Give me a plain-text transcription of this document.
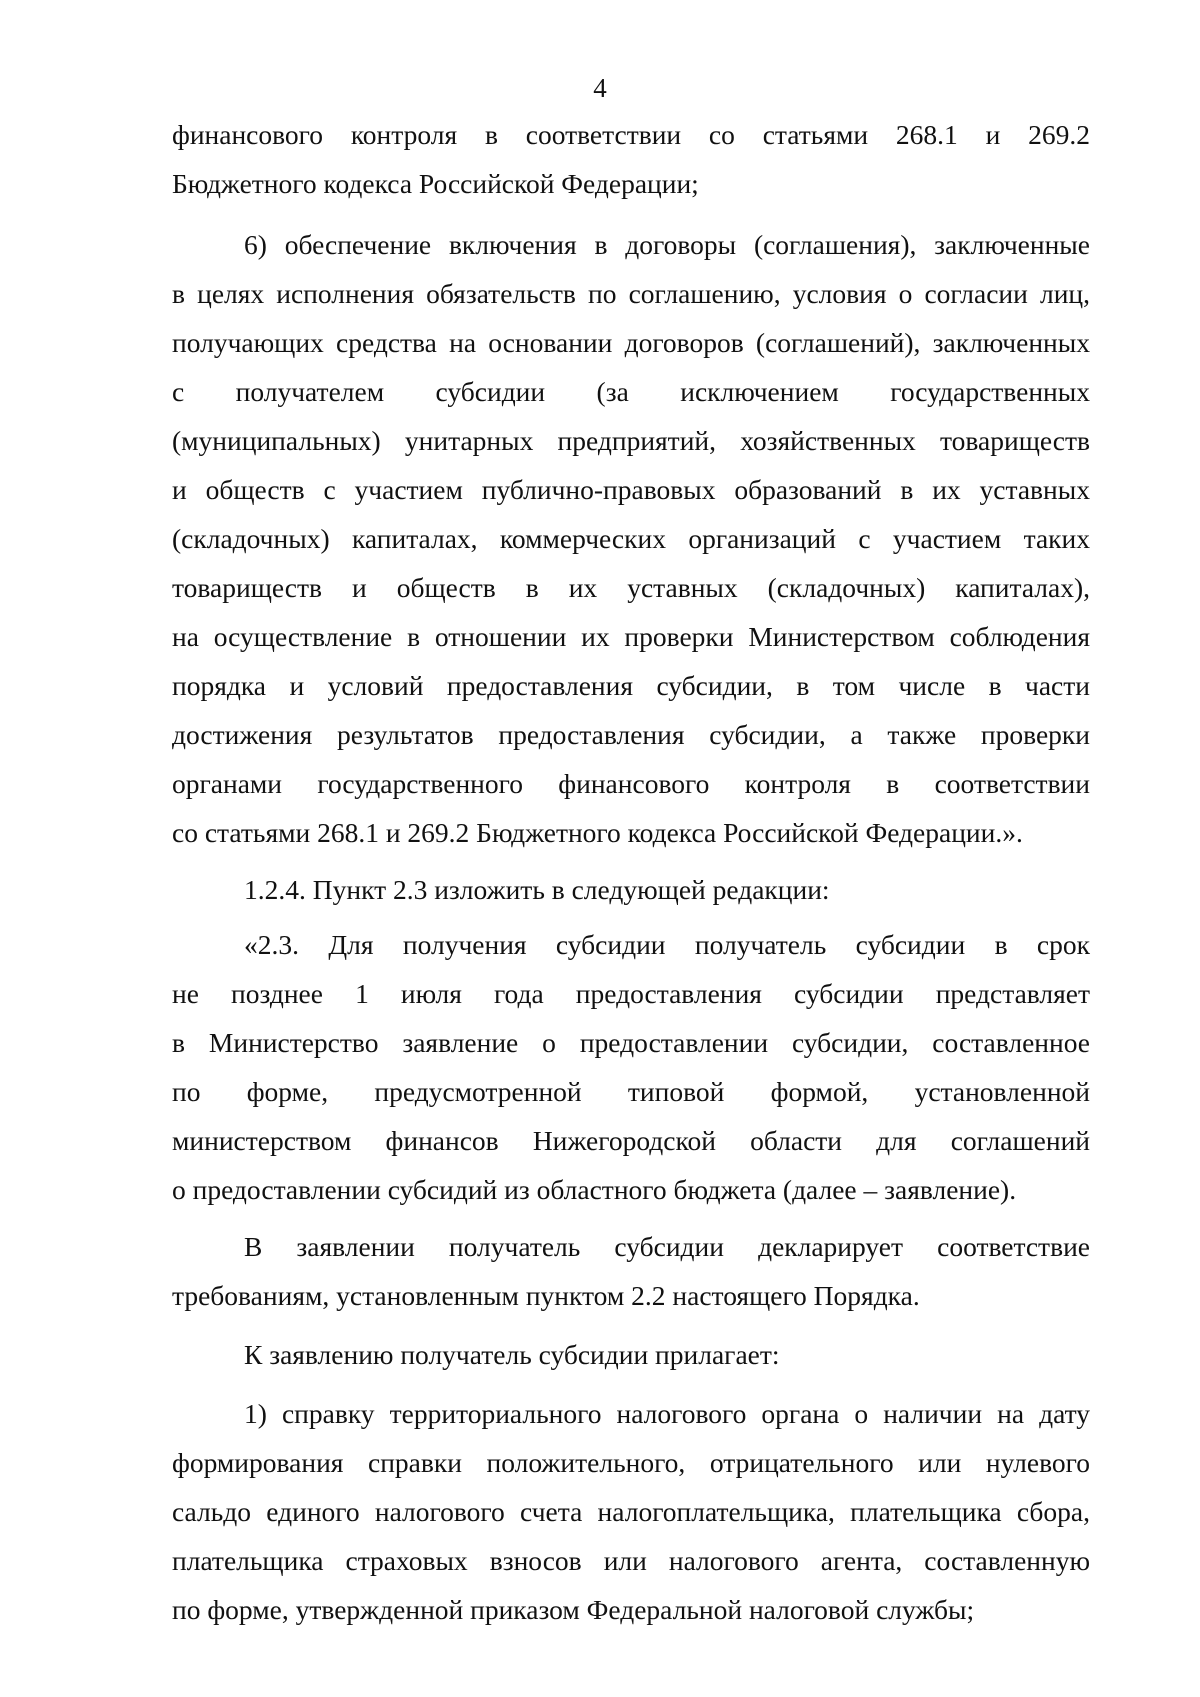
4
финансового контроля в соответствии со статьями 268.1 и 269.2
Бюджетного кодекса Российской Федерации;
6) обеспечение включения в договоры (соглашения), заключенные
в целях исполнения обязательств по соглашению, условия о согласии лиц,
получающих средства на основании договоров (соглашений), заключенных
с получателем субсидии (за исключением государственных
(муниципальных) унитарных предприятий, хозяйственных товариществ
и обществ с участием публично-правовых образований в их уставных
(складочных) капиталах, коммерческих организаций с участием таких
товариществ и обществ в их уставных (складочных) капиталах),
на осуществление в отношении их проверки Министерством соблюдения
порядка и условий предоставления субсидии, в том числе в части
достижения результатов предоставления субсидии, а также проверки
органами государственного финансового контроля в соответствии
со статьями 268.1 и 269.2 Бюджетного кодекса Российской Федерации.».
1.2.4. Пункт 2.3 изложить в следующей редакции:
«2.3. Для получения субсидии получатель субсидии в срок
не позднее 1 июля года предоставления субсидии представляет
в Министерство заявление о предоставлении субсидии, составленное
по форме, предусмотренной типовой формой, установленной
министерством финансов Нижегородской области для соглашений
о предоставлении субсидий из областного бюджета (далее – заявление).
В заявлении получатель субсидии декларирует соответствие
требованиям, установленным пунктом 2.2 настоящего Порядка.
К заявлению получатель субсидии прилагает:
1) справку территориального налогового органа о наличии на дату
формирования справки положительного, отрицательного или нулевого
сальдо единого налогового счета налогоплательщика, плательщика сбора,
плательщика страховых взносов или налогового агента, составленную
по форме, утвержденной приказом Федеральной налоговой службы;
